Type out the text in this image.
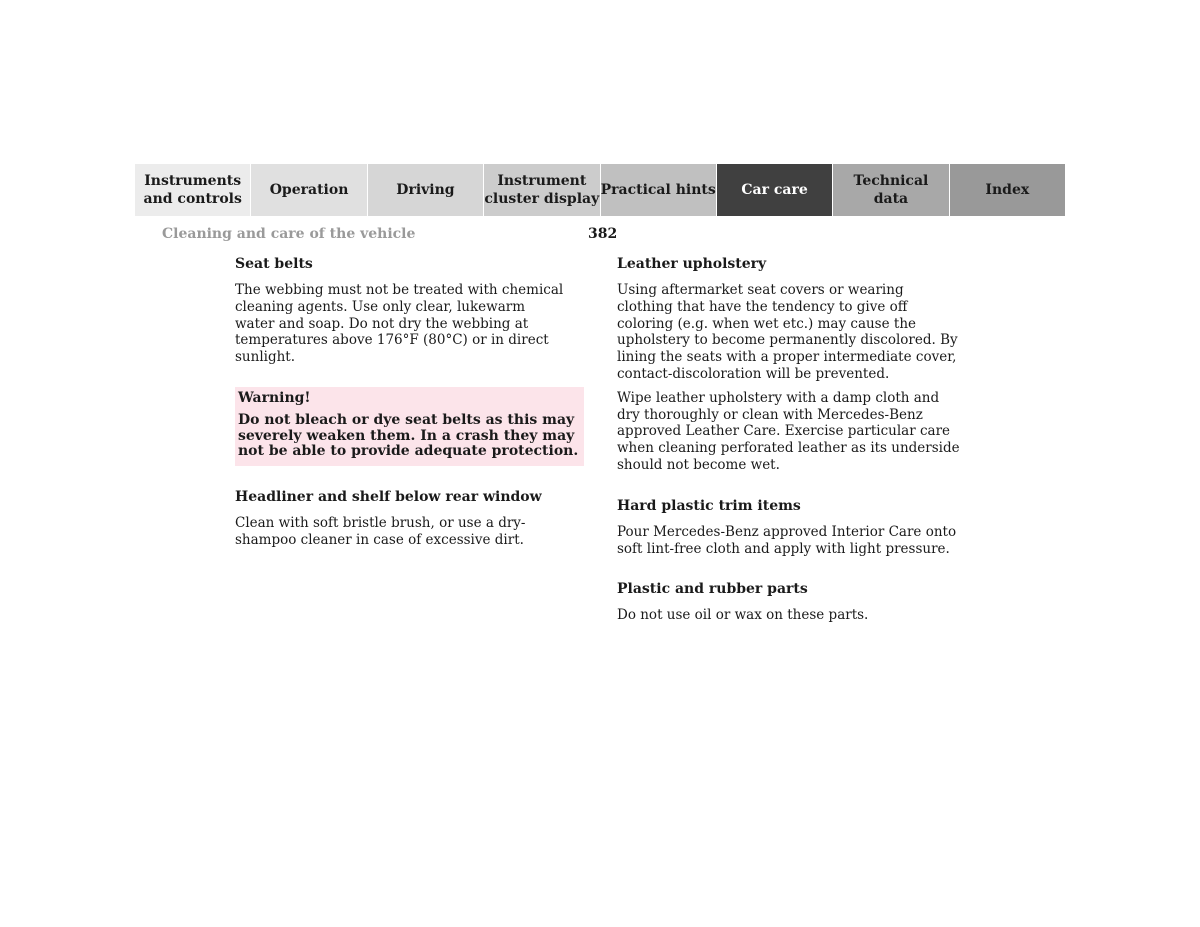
Instruments
and controls
Operation	Driving
Instrument
cluster display
Practical hints	Car care
Technical
data
Index
Cleaning and care of the vehicle	382
Seat belts

The webbing must not be treated with chemical cleaning agents. Use only clear, lukewarm water and soap. Do not dry the webbing at temperatures above 176°F (80°C) or in direct sunlight.

Warning!
Do not bleach or dye seat belts as this may severely weaken them. In a crash they may not be able to provide adequate protection.
Headliner and shelf below rear window

Clean with soft bristle brush, or use a dry-shampoo cleaner in case of excessive dirt.

Leather upholstery

Using aftermarket seat covers or wearing clothing that have the tendency to give off coloring (e.g. when wet etc.) may cause the upholstery to become permanently discolored. By lining the seats with a proper intermediate cover, contact-discoloration will be prevented.

Wipe leather upholstery with a damp cloth and dry thoroughly or clean with Mercedes-Benz approved Leather Care. Exercise particular care when cleaning perforated leather as its underside should not become wet.

Hard plastic trim items

Pour Mercedes-Benz approved Interior Care onto soft lint-free cloth and apply with light pressure.

Plastic and rubber parts

Do not use oil or wax on these parts.
